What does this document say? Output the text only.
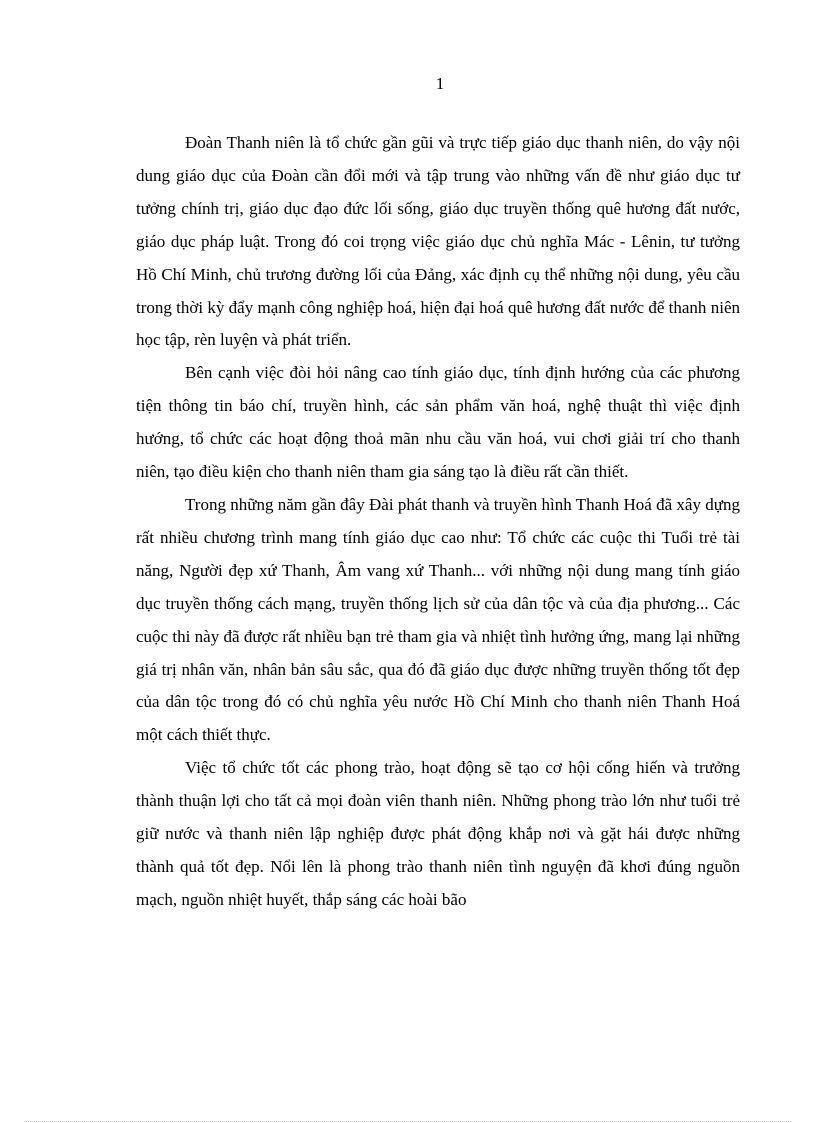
1

Đoàn Thanh niên là tổ chức gần gũi và trực tiếp giáo dục thanh niên, do vậy nội dung giáo dục của Đoàn cần đổi mới và tập trung vào những vấn đề như giáo dục tư tưởng chính trị, giáo dục đạo đức lối sống, giáo dục truyền thống quê hương đất nước, giáo dục pháp luật. Trong đó coi trọng việc giáo dục chủ nghĩa Mác - Lênin, tư tưởng Hồ Chí Minh, chủ trương đường lối của Đảng, xác định cụ thể những nội dung, yêu cầu trong thời kỳ đẩy mạnh công nghiệp hoá, hiện đại hoá quê hương đất nước để thanh niên học tập, rèn luyện và phát triển.

Bên cạnh việc đòi hỏi nâng cao tính giáo dục, tính định hướng của các phương tiện thông tin báo chí, truyền hình, các sản phẩm văn hoá, nghệ thuật thì việc định hướng, tổ chức các hoạt động thoả mãn nhu cầu văn hoá, vui chơi giải trí cho thanh niên, tạo điều kiện cho thanh niên tham gia sáng tạo là điều rất cần thiết.

Trong những năm gần đây Đài phát thanh và truyền hình Thanh Hoá đã xây dựng rất nhiều chương trình mang tính giáo dục cao như: Tổ chức các cuộc thi Tuổi trẻ tài năng, Người đẹp xứ Thanh, Âm vang xứ Thanh... với những nội dung mang tính giáo dục truyền thống cách mạng, truyền thống lịch sử của dân tộc và của địa phương... Các cuộc thi này đã được rất nhiều bạn trẻ tham gia và nhiệt tình hưởng ứng, mang lại những giá trị nhân văn, nhân bản sâu sắc, qua đó đã giáo dục được những truyền thống tốt đẹp của dân tộc trong đó có chủ nghĩa yêu nước Hồ Chí Minh cho thanh niên Thanh Hoá một cách thiết thực.

Việc tổ chức tốt các phong trào, hoạt động sẽ tạo cơ hội cống hiến và trưởng thành thuận lợi cho tất cả mọi đoàn viên thanh niên. Những phong trào lớn như tuổi trẻ giữ nước và thanh niên lập nghiệp được phát động khắp nơi và gặt hái được những thành quả tốt đẹp. Nổi lên là phong trào thanh niên tình nguyện đã khơi đúng nguồn mạch, nguồn nhiệt huyết, thắp sáng các hoài bão
